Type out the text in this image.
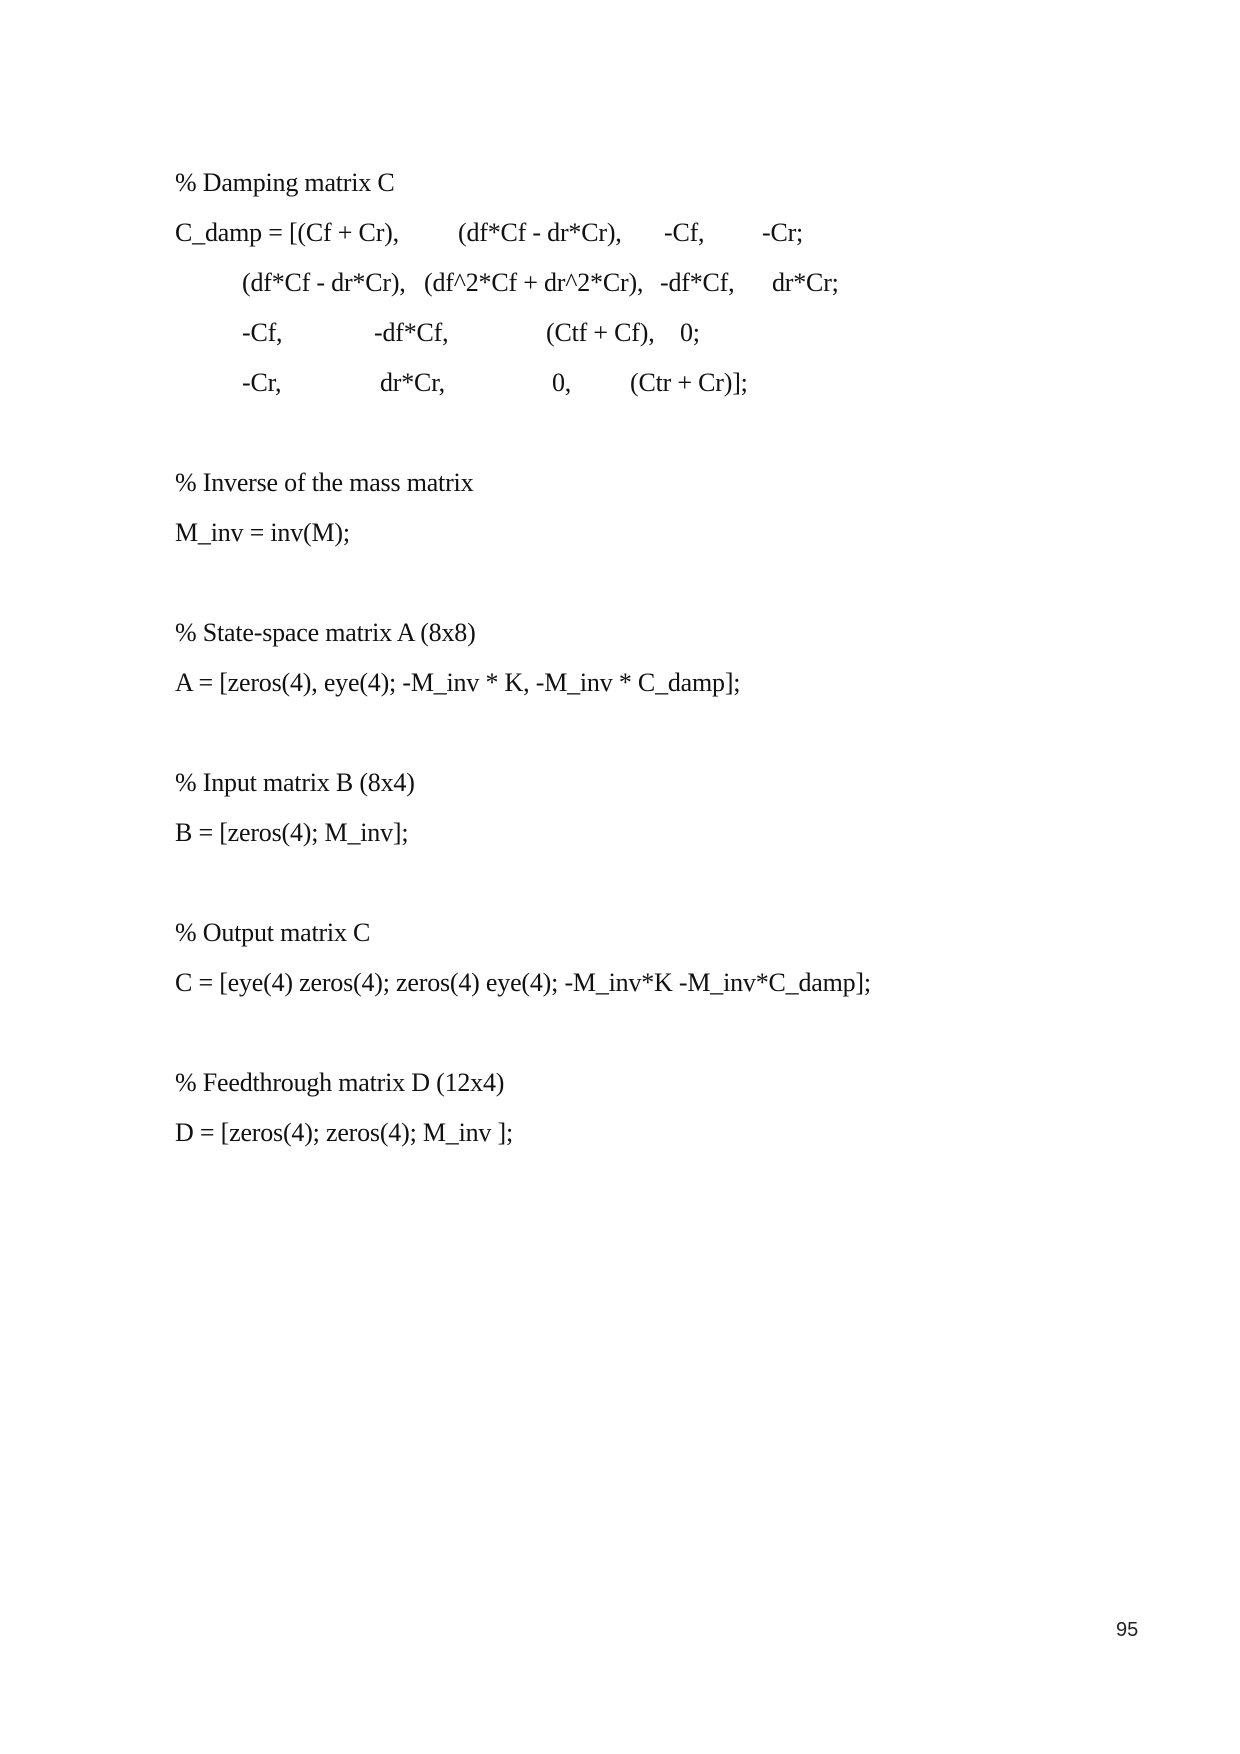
% Damping matrix C
C_damp = [(Cf + Cr), (df*Cf - dr*Cr), -Cf, -Cr;
(df*Cf - dr*Cr), (df^2*Cf + dr^2*Cr), -df*Cf, dr*Cr;
-Cf,	-df*Cf,	(Ctf + Cf), 0;
-Cr,	dr*Cr,	0, (Ctr + Cr)];
% Inverse of the mass matrix
M_inv = inv(M);
% State-space matrix A (8x8)
A = [zeros(4), eye(4); -M_inv * K, -M_inv * C_damp];
% Input matrix B (8x4)
B = [zeros(4); M_inv];
% Output matrix C
C = [eye(4) zeros(4); zeros(4) eye(4); -M_inv*K -M_inv*C_damp];
% Feedthrough matrix D (12x4)
D = [zeros(4); zeros(4); M_inv ];
95
